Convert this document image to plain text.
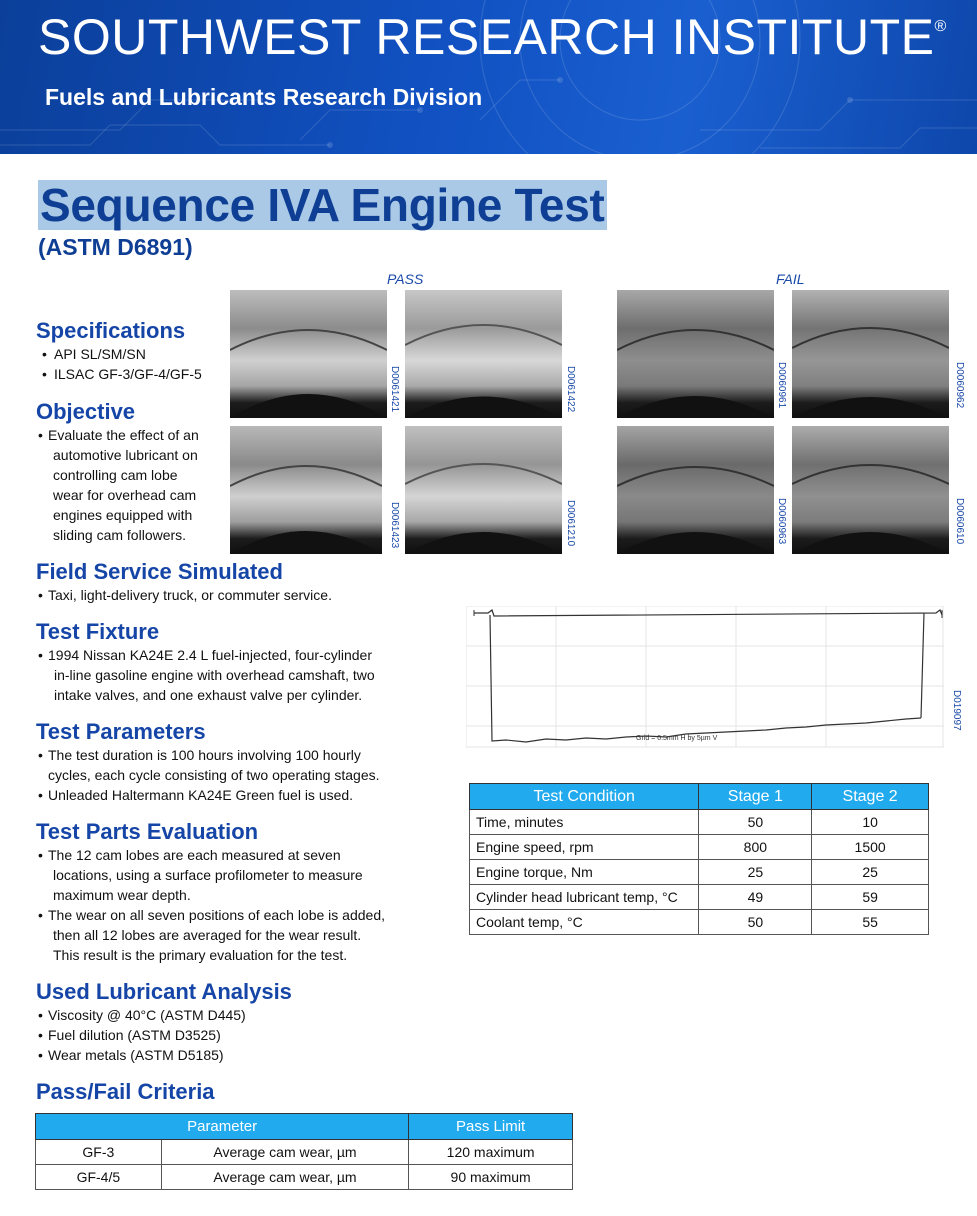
SOUTHWEST RESEARCH INSTITUTE®
Fuels and Lubricants Research Division
Sequence IVA Engine Test
(ASTM D6891)
PASS	FAIL
D0061421	D0061422
D0061423	D0061210
D0060961	D0060962
D0060963	D0060610
Grid = 0.5mm H by 5µm V
D019097
Specifications
• API SL/SM/SN
• ILSAC GF-3/GF-4/GF-5
Objective
• Evaluate the effect of an
automotive lubricant on
controlling cam lobe
wear for overhead cam
engines equipped with
sliding cam followers.
Field Service Simulated
• Taxi, light-delivery truck, or commuter service.
Test Fixture
• 1994 Nissan KA24E 2.4 L fuel-injected, four-cylinder
in-line gasoline engine with overhead camshaft, two
intake valves, and one exhaust valve per cylinder.
Test Parameters
• The test duration is 100 hours involving 100 hourly
cycles, each cycle consisting of two operating stages.
• Unleaded Haltermann KA24E Green fuel is used.
Test Parts Evaluation
• The 12 cam lobes are each measured at seven
locations, using a surface profilometer to measure
maximum wear depth.
• The wear on all seven positions of each lobe is added,
then all 12 lobes are averaged for the wear result.
This result is the primary evaluation for the test.
Used Lubricant Analysis
• Viscosity @ 40°C (ASTM D445)
• Fuel dilution (ASTM D3525)
• Wear metals (ASTM D5185)
Pass/Fail Criteria
Test Condition	Stage 1	Stage 2
Time, minutes	50	10
Engine speed, rpm	800	1500
Engine torque, Nm	25	25
Cylinder head lubricant temp, °C	49	59
Coolant temp, °C	50	55
Parameter		Pass Limit
GF-3	Average cam wear, µm	120 maximum
GF-4/5	Average cam wear, µm	90 maximum
